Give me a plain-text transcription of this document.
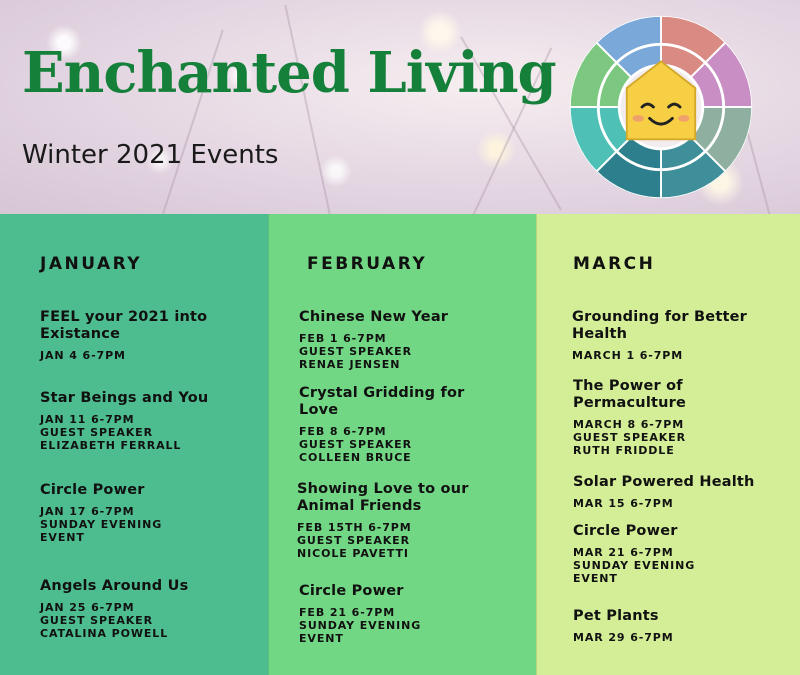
Enchanted Living
Winter 2021 Events
JANUARY
FEEL your 2021 into Existance
JAN 4 6-7PM
Star Beings and You
JAN 11 6-7PM
GUEST SPEAKER
ELIZABETH FERRALL
Circle Power
JAN 17 6-7PM
SUNDAY EVENING
EVENT
Angels Around Us
JAN 25 6-7PM
GUEST SPEAKER
CATALINA POWELL
FEBRUARY
Chinese New Year
FEB 1 6-7PM
GUEST SPEAKER
RENAE JENSEN
Crystal Gridding for Love
FEB 8 6-7PM
GUEST SPEAKER
COLLEEN BRUCE
Showing Love to our Animal Friends
FEB 15TH 6-7PM
GUEST SPEAKER
NICOLE PAVETTI
Circle Power
FEB 21 6-7PM
SUNDAY EVENING
EVENT
MARCH
Grounding for Better Health
MARCH 1 6-7PM
The Power of Permaculture
MARCH 8 6-7PM
GUEST SPEAKER
RUTH FRIDDLE
Solar Powered Health
MAR 15 6-7PM
Circle Power
MAR 21 6-7PM
SUNDAY EVENING
EVENT
Pet Plants
MAR 29 6-7PM
